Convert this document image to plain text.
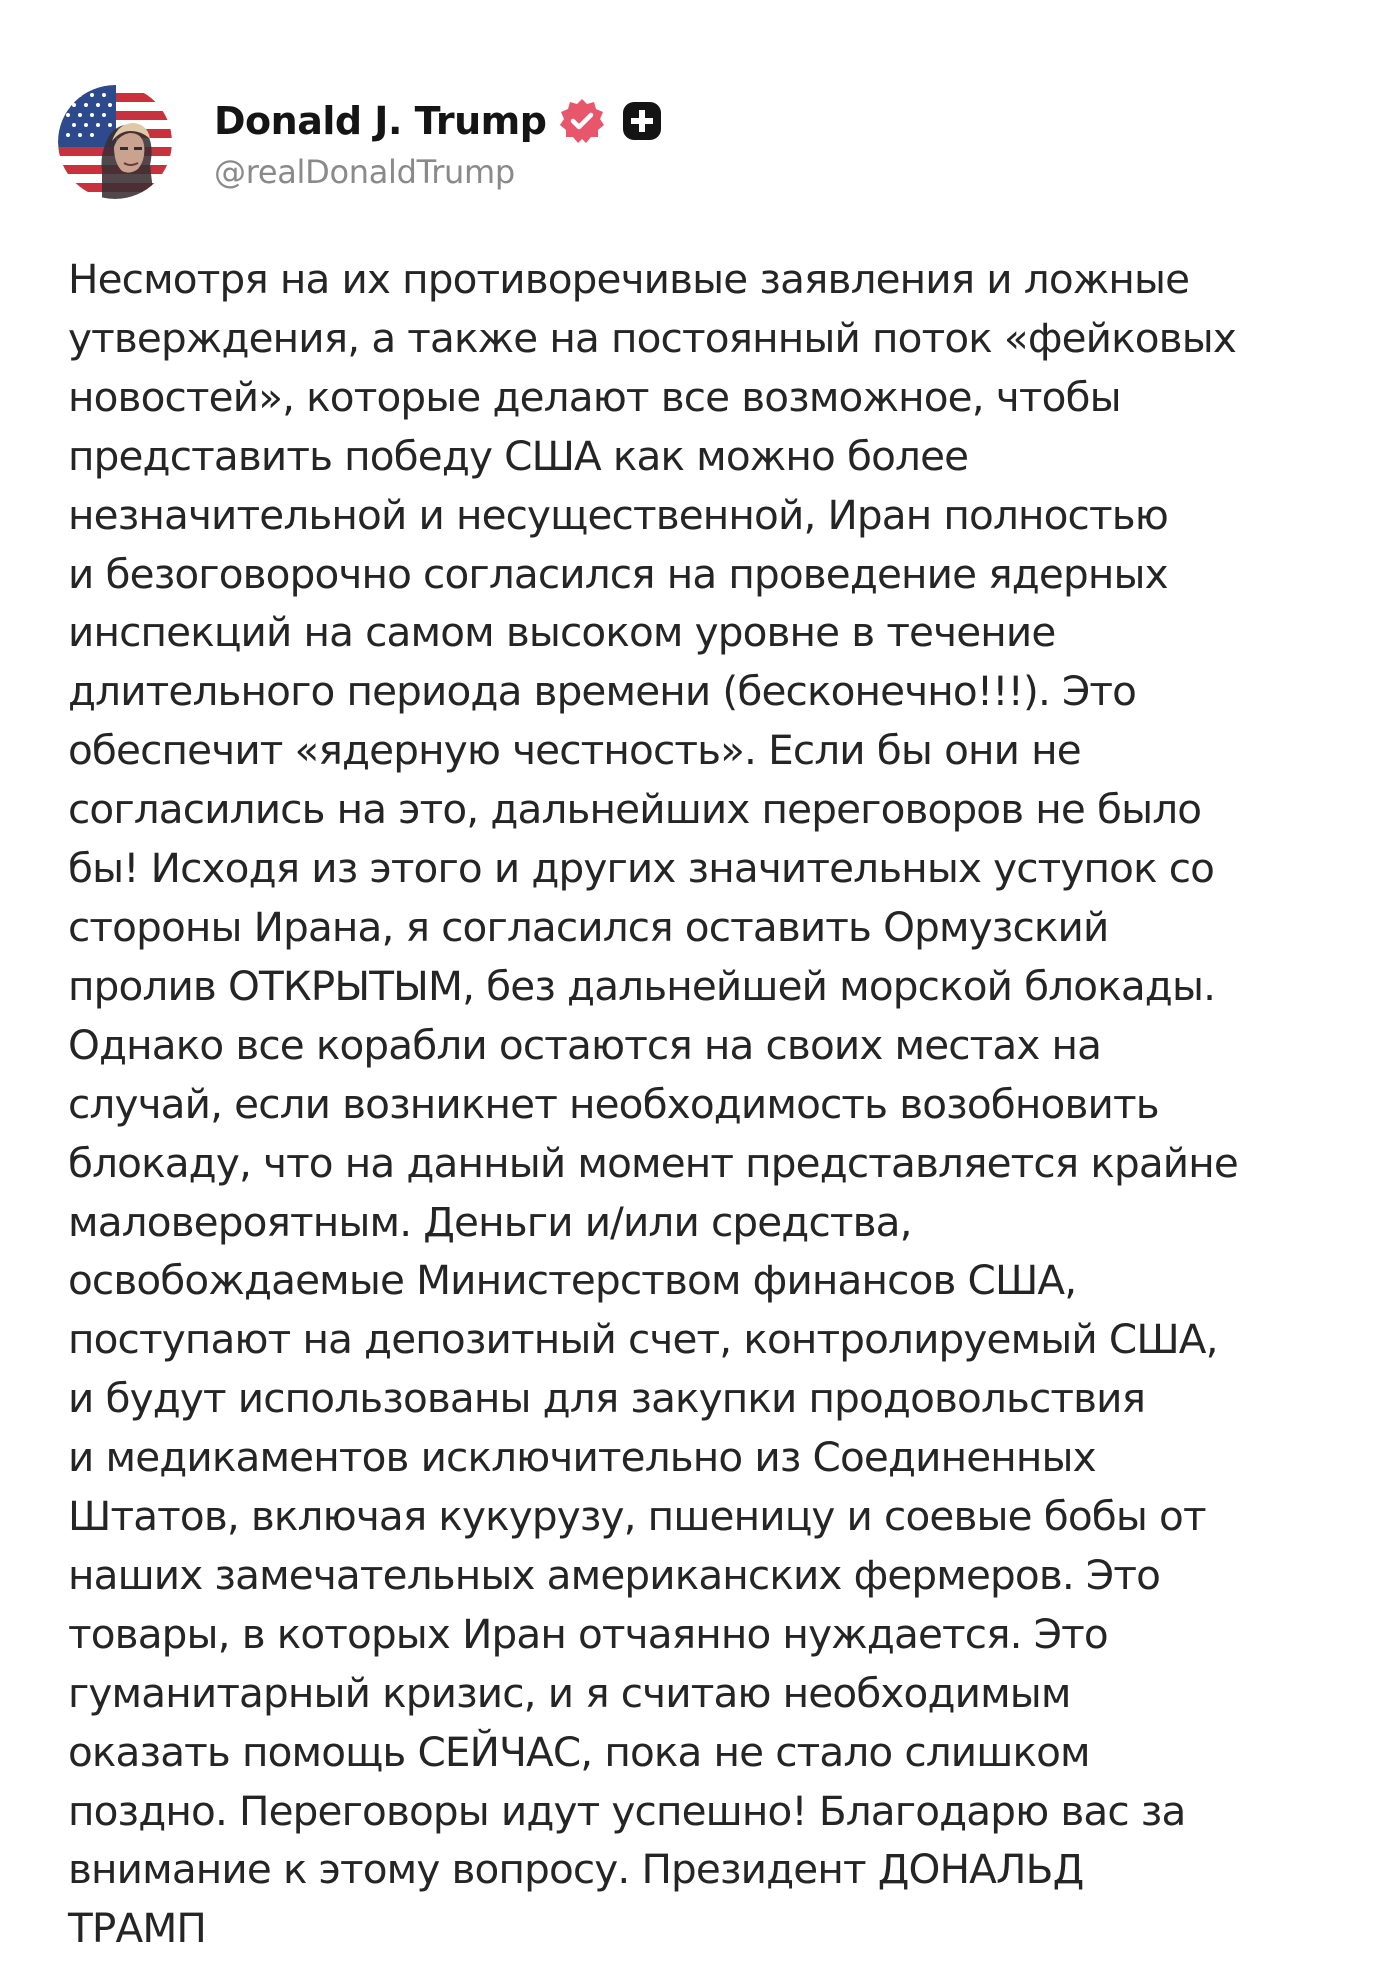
Donald J. Trump
@realDonaldTrump
Несмотря на их противоречивые заявления и ложные
утверждения, а также на постоянный поток «фейковых
новостей», которые делают все возможное, чтобы
представить победу США как можно более
незначительной и несущественной, Иран полностью
и безоговорочно согласился на проведение ядерных
инспекций на самом высоком уровне в течение
длительного периода времени (бесконечно!!!). Это
обеспечит «ядерную честность». Если бы они не
согласились на это, дальнейших переговоров не было
бы! Исходя из этого и других значительных уступок со
стороны Ирана, я согласился оставить Ормузский
пролив ОТКРЫТЫМ, без дальнейшей морской блокады.
Однако все корабли остаются на своих местах на
случай, если возникнет необходимость возобновить
блокаду, что на данный момент представляется крайне
маловероятным. Деньги и/или средства,
освобождаемые Министерством финансов США,
поступают на депозитный счет, контролируемый США,
и будут использованы для закупки продовольствия
и медикаментов исключительно из Соединенных
Штатов, включая кукурузу, пшеницу и соевые бобы от
наших замечательных американских фермеров. Это
товары, в которых Иран отчаянно нуждается. Это
гуманитарный кризис, и я считаю необходимым
оказать помощь СЕЙЧАС, пока не стало слишком
поздно. Переговоры идут успешно! Благодарю вас за
внимание к этому вопросу. Президент ДОНАЛЬД
ТРАМП
